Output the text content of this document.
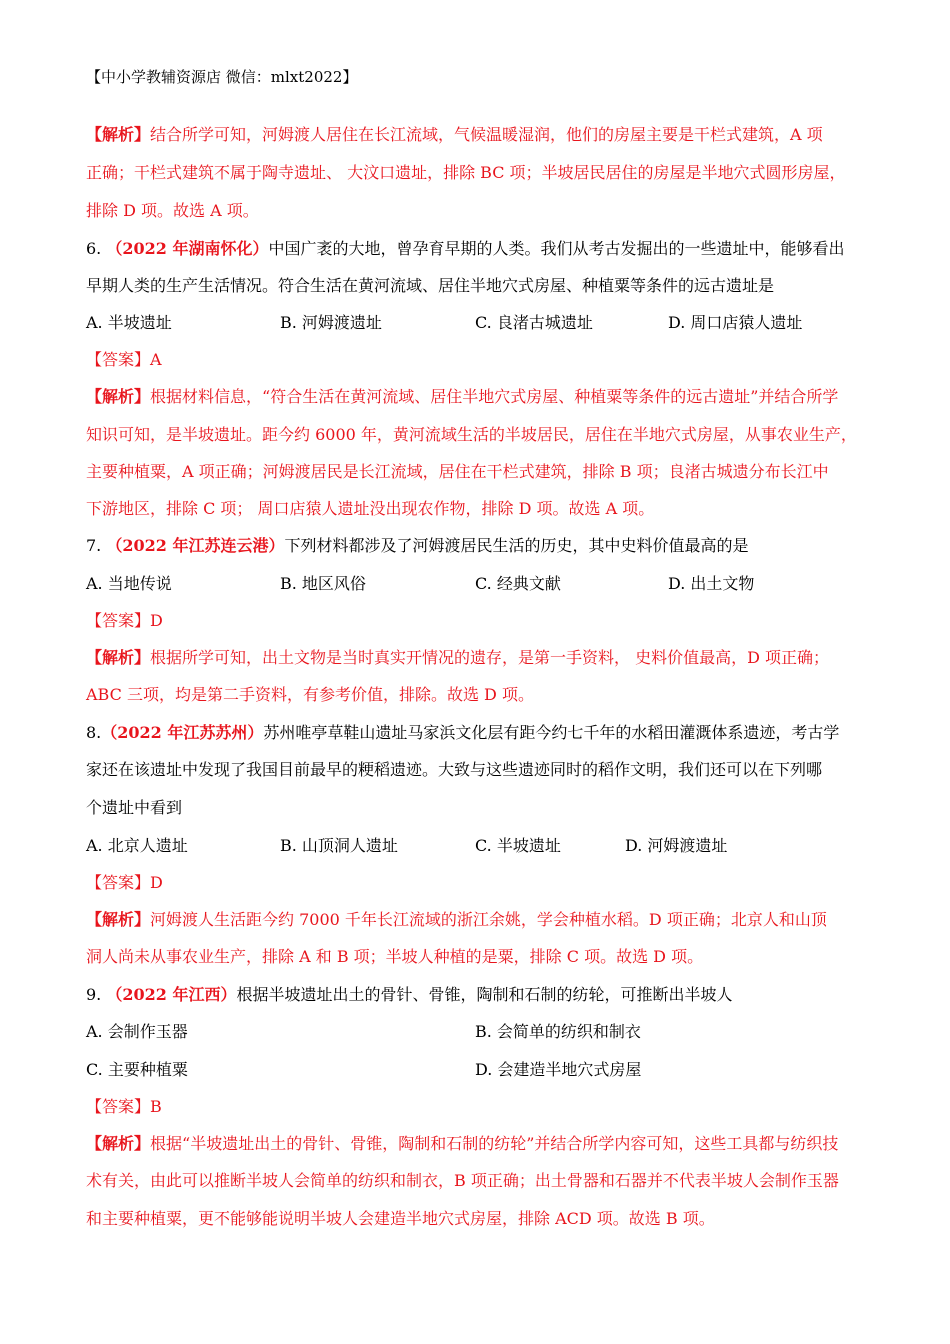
【中小学教辅资源店 微信：mlxt2022】
【解析】结合所学可知，河姆渡人居住在长江流域，气候温暖湿润，他们的房屋主要是干栏式建筑，A 项
正确；干栏式建筑不属于陶寺遗址、 大汶口遗址，排除 BC 项；半坡居民居住的房屋是半地穴式圆形房屋，
排除 D 项。故选 A 项。
6. （2022 年湖南怀化）中国广袤的大地，曾孕育早期的人类。我们从考古发掘出的一些遗址中，能够看出
早期人类的生产生活情况。符合生活在黄河流域、居住半地穴式房屋、种植粟等条件的远古遗址是
A. 半坡遗址	B. 河姆渡遗址	C. 良渚古城遗址	D. 周口店猿人遗址
【答案】A
【解析】根据材料信息，“符合生活在黄河流域、居住半地穴式房屋、种植粟等条件的远古遗址”并结合所学
知识可知，是半坡遗址。距今约 6000 年，黄河流域生活的半坡居民，居住在半地穴式房屋，从事农业生产，
主要种植粟，A 项正确；河姆渡居民是长江流域，居住在干栏式建筑，排除 B 项；良渚古城遗分布长江中
下游地区，排除 C 项； 周口店猿人遗址没出现农作物，排除 D 项。故选 A 项。
7. （2022 年江苏连云港）下列材料都涉及了河姆渡居民生活的历史，其中史料价值最高的是
A. 当地传说	B. 地区风俗	C. 经典文献	D. 出土文物
【答案】D
【解析】根据所学可知，出土文物是当时真实开情况的遗存，是第一手资料， 史料价值最高，D 项正确；
ABC 三项，均是第二手资料，有参考价值，排除。故选 D 项。
8.（2022 年江苏苏州）苏州唯亭草鞋山遗址马家浜文化层有距今约七千年的水稻田灌溉体系遗迹，考古学
家还在该遗址中发现了我国目前最早的粳稻遗迹。大致与这些遗迹同时的稻作文明，我们还可以在下列哪
个遗址中看到
A. 北京人遗址	B. 山顶洞人遗址	C. 半坡遗址	D. 河姆渡遗址
【答案】D
【解析】河姆渡人生活距今约 7000 千年长江流域的浙江余姚，学会种植水稻。D 项正确；北京人和山顶
洞人尚未从事农业生产，排除 A 和 B 项；半坡人种植的是粟，排除 C 项。故选 D 项。
9. （2022 年江西）根据半坡遗址出土的骨针、骨锥，陶制和石制的纺轮，可推断出半坡人
A. 会制作玉器	B. 会简单的纺织和制衣
C. 主要种植粟	D. 会建造半地穴式房屋
【答案】B
【解析】根据“半坡遗址出土的骨针、骨锥，陶制和石制的纺轮”并结合所学内容可知，这些工具都与纺织技
术有关，由此可以推断半坡人会简单的纺织和制衣，B 项正确；出土骨器和石器并不代表半坡人会制作玉器
和主要种植粟，更不能够能说明半坡人会建造半地穴式房屋，排除 ACD 项。故选 B 项。
